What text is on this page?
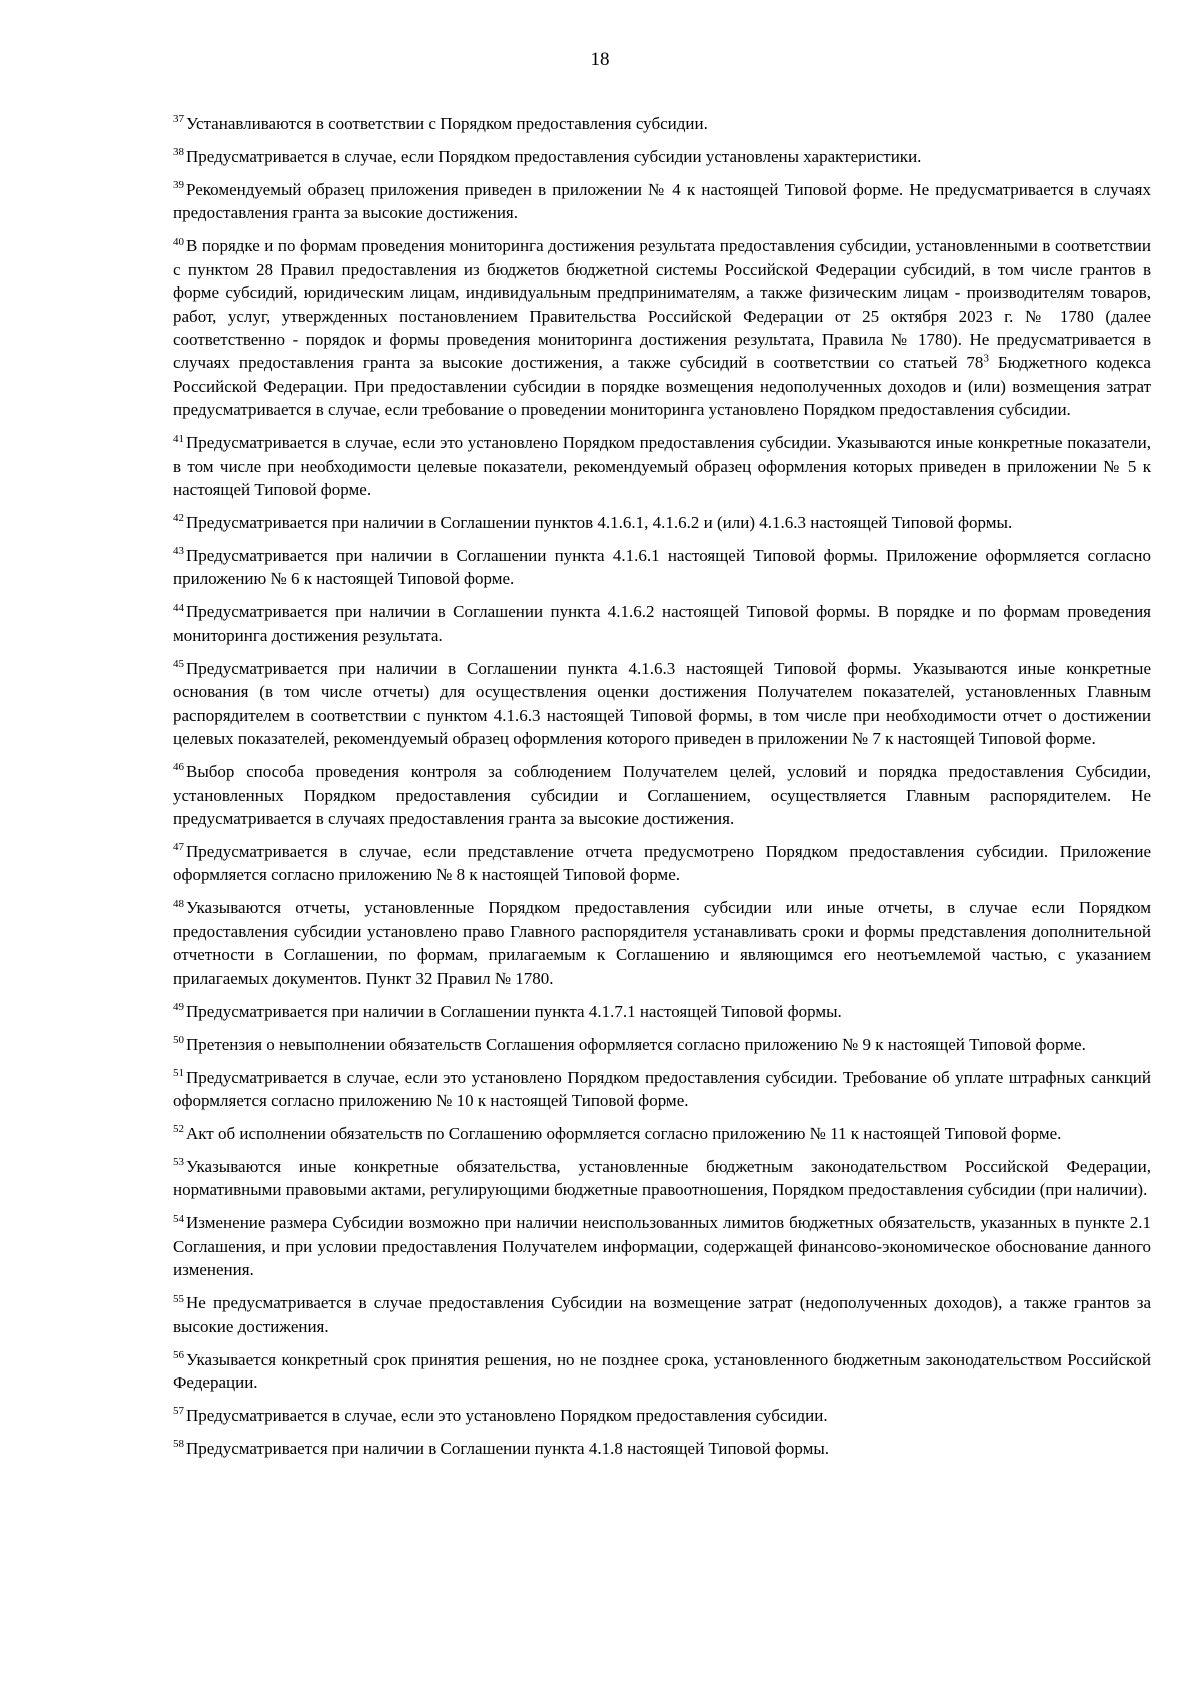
18

$^{37}$ Устанавливаются в соответствии с Порядком предоставления субсидии.

$^{38}$ Предусматривается в случае, если Порядком предоставления субсидии установлены характеристики.

$^{39}$ Рекомендуемый образец приложения приведен в приложении № 4 к настоящей Типовой форме. Не предусматривается в случаях предоставления гранта за высокие достижения.

$^{40}$ В порядке и по формам проведения мониторинга достижения результата предоставления субсидии, установленными в соответствии с пунктом 28 Правил предоставления из бюджетов бюджетной системы Российской Федерации субсидий, в том числе грантов в форме субсидий, юридическим лицам, индивидуальным предпринимателям, а также физическим лицам - производителям товаров, работ, услуг, утвержденных постановлением Правительства Российской Федерации от 25 октября 2023 г. № 1780 (далее соответственно - порядок и формы проведения мониторинга достижения результата, Правила № 1780). Не предусматривается в случаях предоставления гранта за высокие достижения, а также субсидий в соответствии со статьей $78^3$ Бюджетного кодекса Российской Федерации. При предоставлении субсидии в порядке возмещения недополученных доходов и (или) возмещения затрат предусматривается в случае, если требование о проведении мониторинга установлено Порядком предоставления субсидии.

$^{41}$ Предусматривается в случае, если это установлено Порядком предоставления субсидии. Указываются иные конкретные показатели, в том числе при необходимости целевые показатели, рекомендуемый образец оформления которых приведен в приложении № 5 к настоящей Типовой форме.

$^{42}$ Предусматривается при наличии в Соглашении пунктов 4.1.6.1, 4.1.6.2 и (или) 4.1.6.3 настоящей Типовой формы.

$^{43}$ Предусматривается при наличии в Соглашении пункта 4.1.6.1 настоящей Типовой формы. Приложение оформляется согласно приложению № 6 к настоящей Типовой форме.

$^{44}$ Предусматривается при наличии в Соглашении пункта 4.1.6.2 настоящей Типовой формы. В порядке и по формам проведения мониторинга достижения результата.

$^{45}$ Предусматривается при наличии в Соглашении пункта 4.1.6.3 настоящей Типовой формы. Указываются иные конкретные основания (в том числе отчеты) для осуществления оценки достижения Получателем показателей, установленных Главным распорядителем в соответствии с пунктом 4.1.6.3 настоящей Типовой формы, в том числе при необходимости отчет о достижении целевых показателей, рекомендуемый образец оформления которого приведен в приложении № 7 к настоящей Типовой форме.

$^{46}$ Выбор способа проведения контроля за соблюдением Получателем целей, условий и порядка предоставления Субсидии, установленных Порядком предоставления субсидии и Соглашением, осуществляется Главным распорядителем. Не предусматривается в случаях предоставления гранта за высокие достижения.

$^{47}$ Предусматривается в случае, если представление отчета предусмотрено Порядком предоставления субсидии. Приложение оформляется согласно приложению № 8 к настоящей Типовой форме.

$^{48}$ Указываются отчеты, установленные Порядком предоставления субсидии или иные отчеты, в случае если Порядком предоставления субсидии установлено право Главного распорядителя устанавливать сроки и формы представления дополнительной отчетности в Соглашении, по формам, прилагаемым к Соглашению и являющимся его неотъемлемой частью, с указанием прилагаемых документов. Пункт 32 Правил № 1780.

$^{49}$ Предусматривается при наличии в Соглашении пункта 4.1.7.1 настоящей Типовой формы.

$^{50}$ Претензия о невыполнении обязательств Соглашения оформляется согласно приложению № 9 к настоящей Типовой форме.

$^{51}$ Предусматривается в случае, если это установлено Порядком предоставления субсидии. Требование об уплате штрафных санкций оформляется согласно приложению № 10 к настоящей Типовой форме.

$^{52}$ Акт об исполнении обязательств по Соглашению оформляется согласно приложению № 11 к настоящей Типовой форме.

$^{53}$ Указываются иные конкретные обязательства, установленные бюджетным законодательством Российской Федерации, нормативными правовыми актами, регулирующими бюджетные правоотношения, Порядком предоставления субсидии (при наличии).

$^{54}$ Изменение размера Субсидии возможно при наличии неиспользованных лимитов бюджетных обязательств, указанных в пункте 2.1 Соглашения, и при условии предоставления Получателем информации, содержащей финансово-экономическое обоснование данного изменения.

$^{55}$ Не предусматривается в случае предоставления Субсидии на возмещение затрат (недополученных доходов), а также грантов за высокие достижения.

$^{56}$ Указывается конкретный срок принятия решения, но не позднее срока, установленного бюджетным законодательством Российской Федерации.

$^{57}$ Предусматривается в случае, если это установлено Порядком предоставления субсидии.

$^{58}$ Предусматривается при наличии в Соглашении пункта 4.1.8 настоящей Типовой формы.
